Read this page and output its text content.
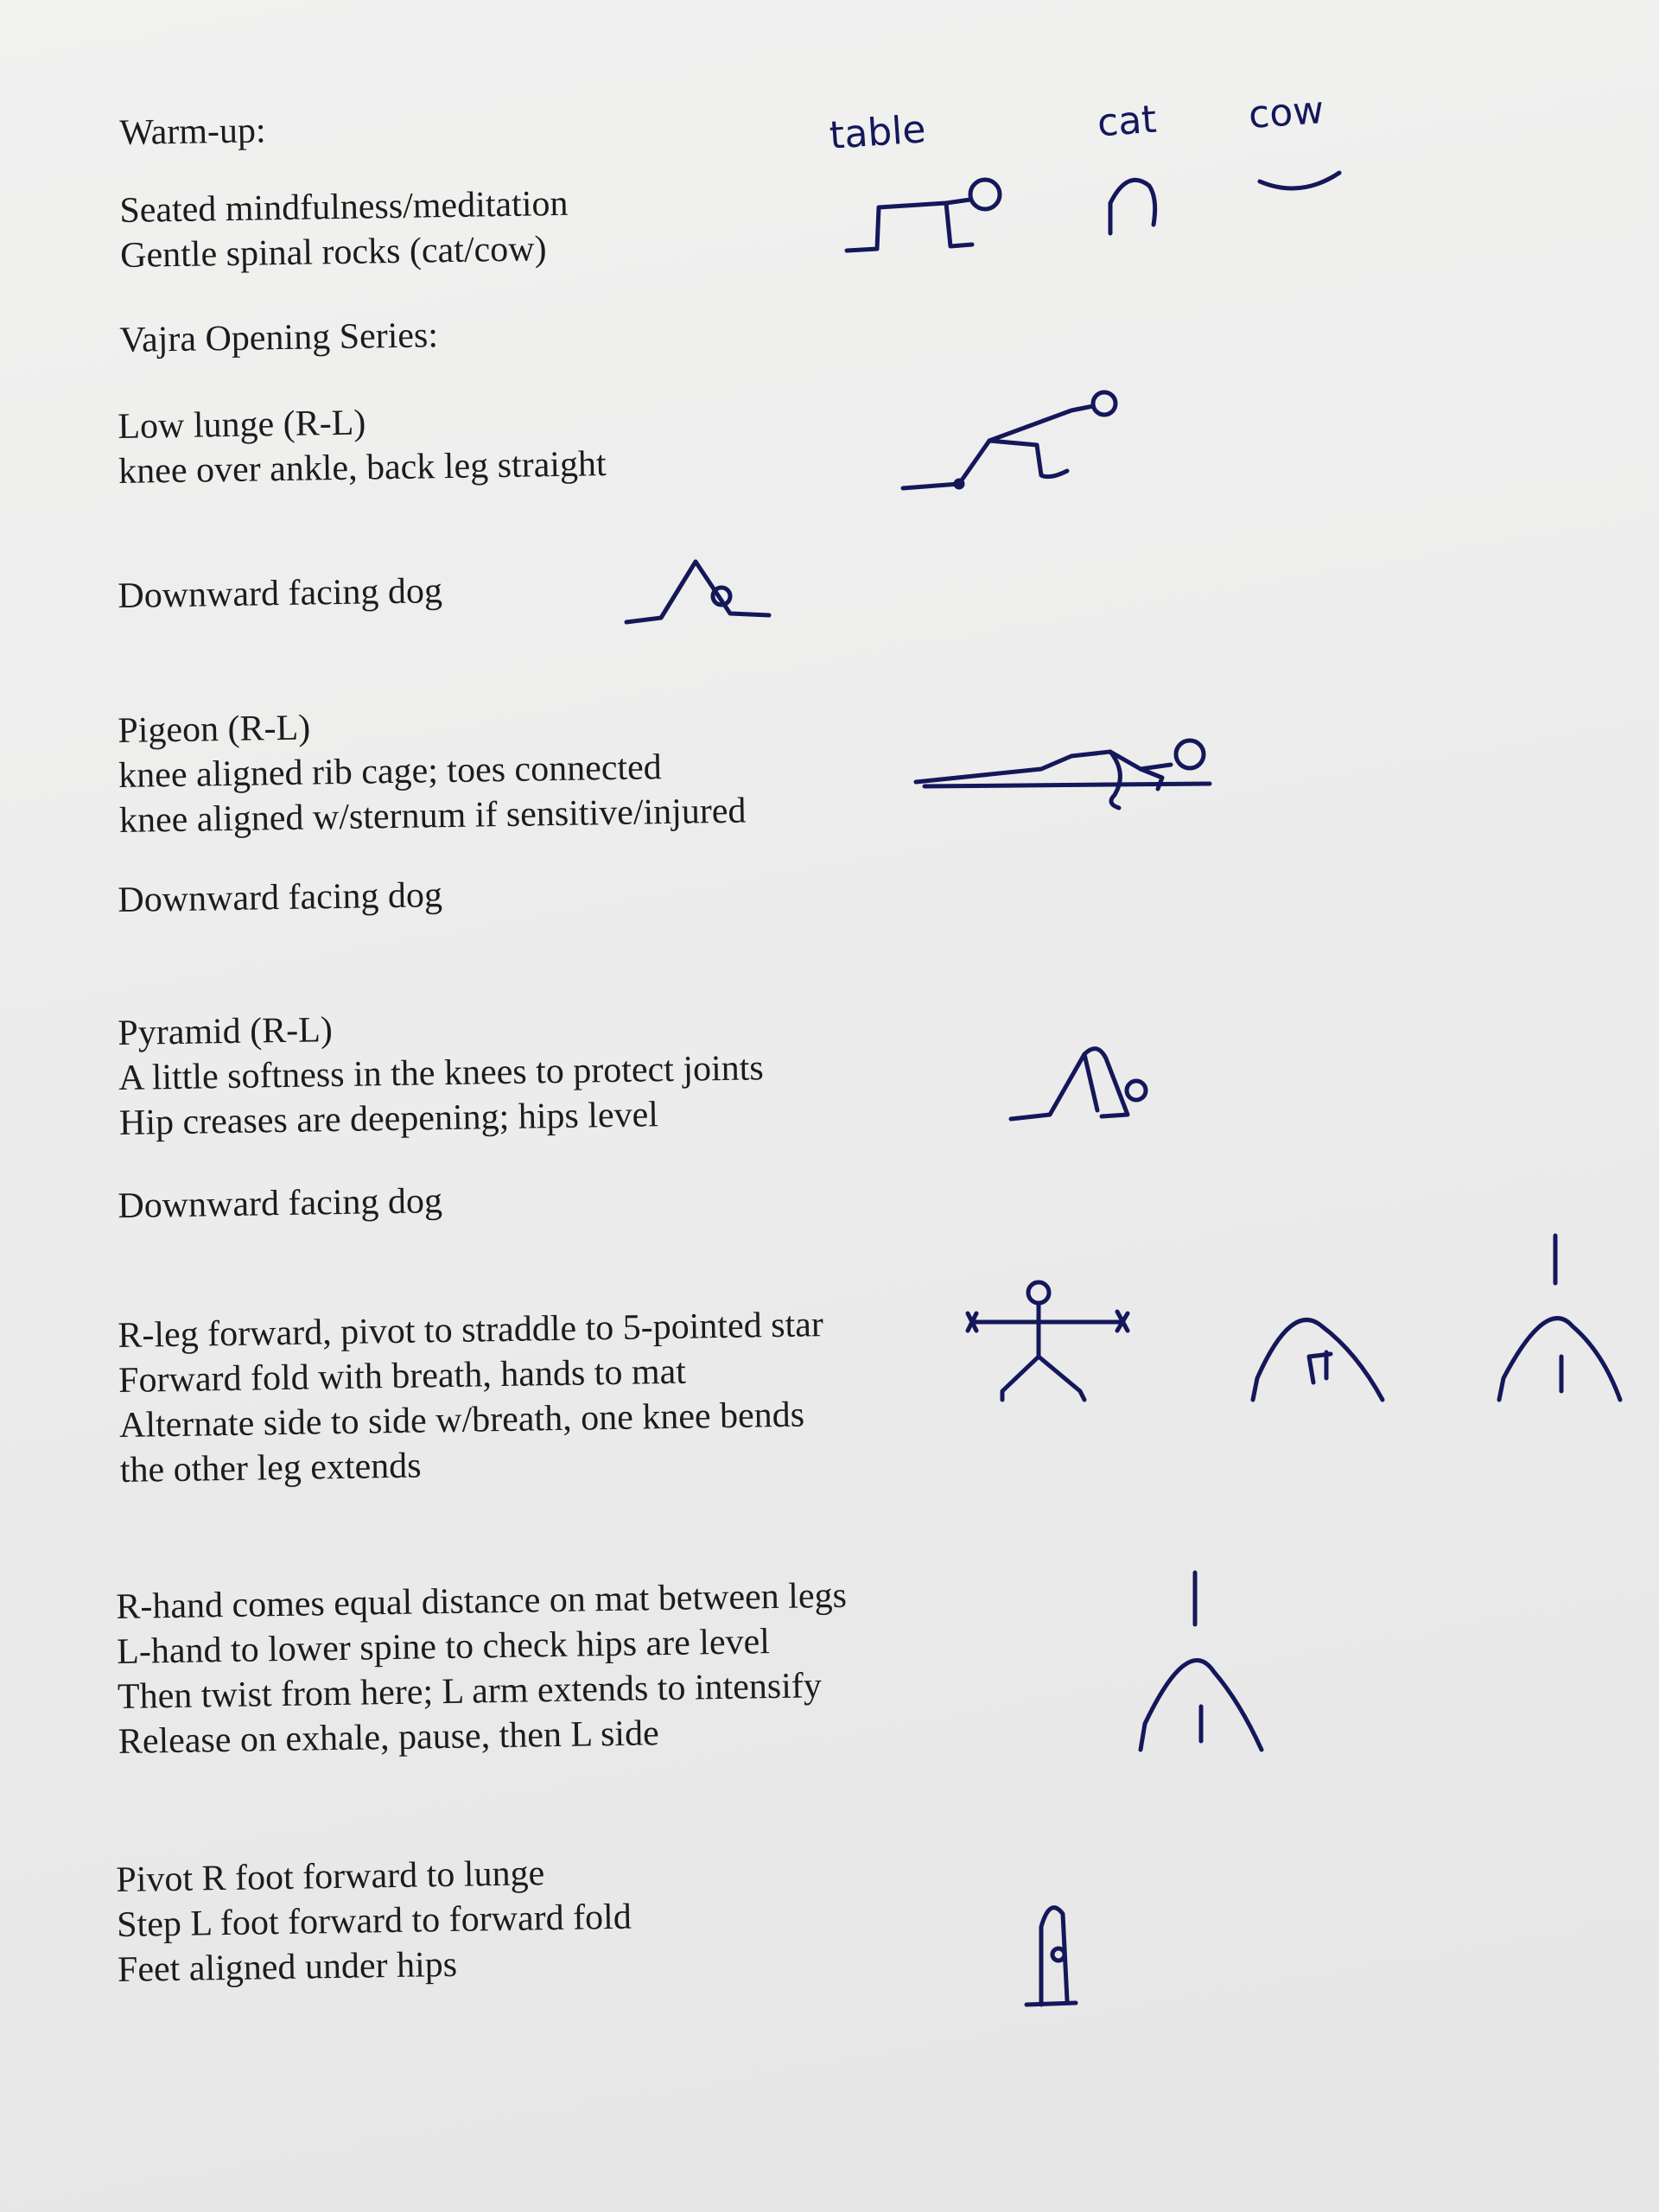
Warm-up:
Seated mindfulness/meditation
Gentle spinal rocks (cat/cow)
table	cat cow
Vajra Opening Series:
Low lunge (R-L)
knee over ankle, back leg straight
Downward facing dog
Pigeon (R-L)
knee aligned rib cage; toes connected
knee aligned w/sternum if sensitive/injured
Downward facing dog
Pyramid (R-L)
A little softness in the knees to protect joints
Hip creases are deepening; hips level
Downward facing dog
R-leg forward, pivot to straddle to 5-pointed star
Forward fold with breath, hands to mat
Alternate side to side w/breath, one knee bends
the other leg extends
R-hand comes equal distance on mat between legs
L-hand to lower spine to check hips are level
Then twist from here; L arm extends to intensify
Release on exhale, pause, then L side
Pivot R foot forward to lunge
Step L foot forward to forward fold
Feet aligned under hips
